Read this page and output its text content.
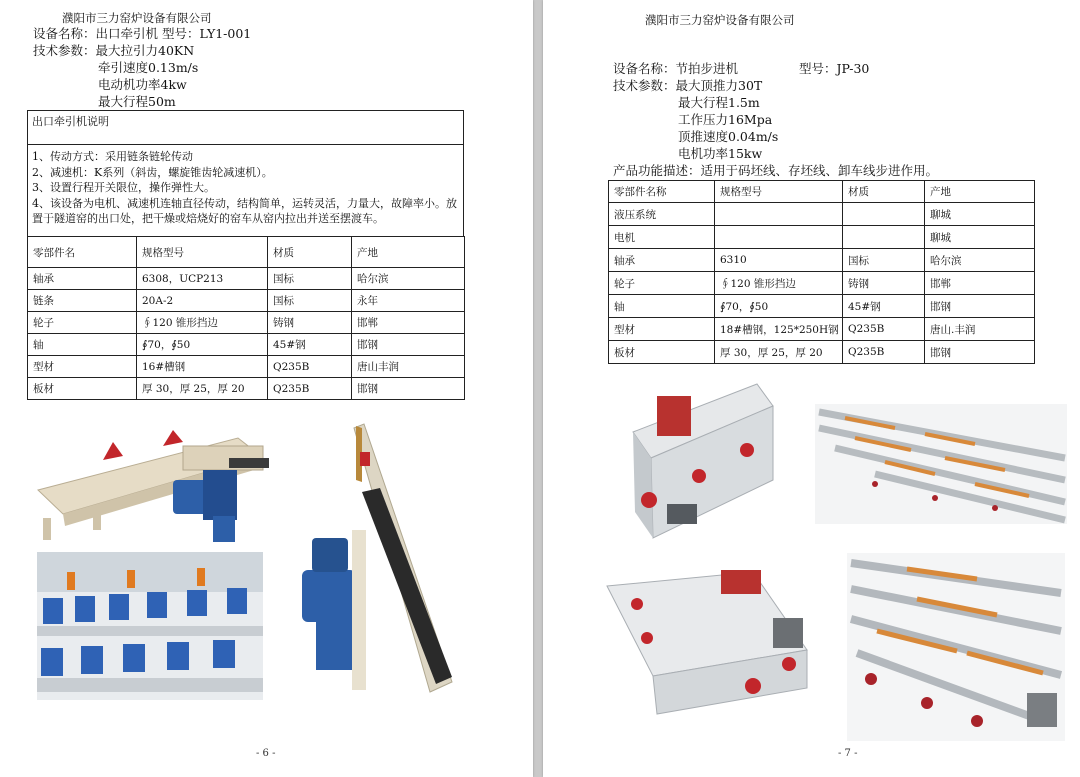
濮阳市三力窑炉设备有限公司
设备名称：出口牵引机 型号：LY1-001
技术参数：最大拉引力40KN
牵引速度0.13m/s
电动机功率4kw
最大行程50m
出口牵引机说明
1、传动方式：采用链条链轮传动
2、减速机：K系列（斜齿，螺旋锥齿轮减速机）。
3、设置行程开关限位，操作弹性大。
4、该设备为电机、减速机连轴直径传动，结构简单，运转灵活，力量大，故障率小。放置于隧道窑的出口处，把干燥或焙烧好的窑车从窑内拉出并送至摆渡车。
零部件名	规格型号	材质	产地
轴承	6308，UCP213	国标	哈尔滨
链条	20A-2	国标	永年
轮子	∮120 锥形挡边	铸钢	邯郸
轴	∮70，∮50	45#钢	邯钢
型材	16#槽钢	Q235B	唐山丰润
板材	厚 30，厚 25，厚 20	Q235B	邯钢
- 6 -
濮阳市三力窑炉设备有限公司
设备名称：节拍步进机	型号：JP-30
技术参数：最大顶推力30T
最大行程1.5m
工作压力16Mpa
顶推速度0.04m/s
电机功率15kw
产品功能描述：适用于码坯线、存坯线、卸车线步进作用。
零部件名称	规格型号	材质	产地
液压系统			聊城
电机			聊城
轴承	6310	国标	哈尔滨
轮子	∮120 锥形挡边	铸钢	邯郸
轴	∮70，∮50	45#钢	邯钢
型材	18#槽钢，125*250H钢	Q235B	唐山.丰润
板材	厚 30，厚 25，厚 20	Q235B	邯钢
- 7 -
